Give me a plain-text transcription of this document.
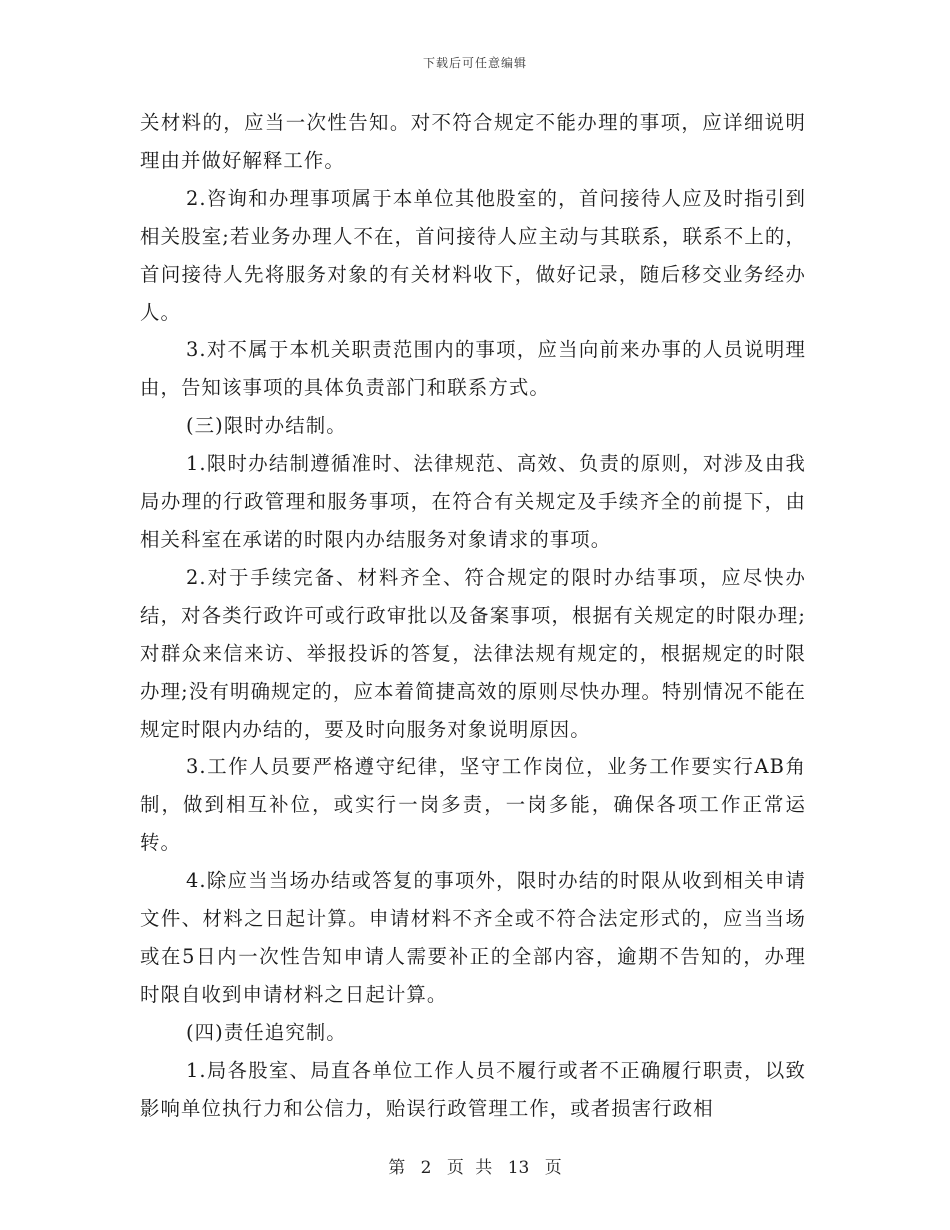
下载后可任意编辑

关材料的，应当一次性告知。对不符合规定不能办理的事项，应详细说明理由并做好解释工作。

2.咨询和办理事项属于本单位其他股室的，首问接待人应及时指引到相关股室;若业务办理人不在，首问接待人应主动与其联系，联系不上的，首问接待人先将服务对象的有关材料收下，做好记录，随后移交业务经办人。

3.对不属于本机关职责范围内的事项，应当向前来办事的人员说明理由，告知该事项的具体负责部门和联系方式。

(三)限时办结制。

1.限时办结制遵循准时、法律规范、高效、负责的原则，对涉及由我局办理的行政管理和服务事项，在符合有关规定及手续齐全的前提下，由相关科室在承诺的时限内办结服务对象请求的事项。

2.对于手续完备、材料齐全、符合规定的限时办结事项，应尽快办结，对各类行政许可或行政审批以及备案事项，根据有关规定的时限办理;对群众来信来访、举报投诉的答复，法律法规有规定的，根据规定的时限办理;没有明确规定的，应本着简捷高效的原则尽快办理。特别情况不能在规定时限内办结的，要及时向服务对象说明原因。

3.工作人员要严格遵守纪律，坚守工作岗位，业务工作要实行AB角制，做到相互补位，或实行一岗多责，一岗多能，确保各项工作正常运转。

4.除应当当场办结或答复的事项外，限时办结的时限从收到相关申请文件、材料之日起计算。申请材料不齐全或不符合法定形式的，应当当场或在5日内一次性告知申请人需要补正的全部内容，逾期不告知的，办理时限自收到申请材料之日起计算。

(四)责任追究制。

1.局各股室、局直各单位工作人员不履行或者不正确履行职责，以致影响单位执行力和公信力，贻误行政管理工作，或者损害行政相

第 2 页 共 13 页
